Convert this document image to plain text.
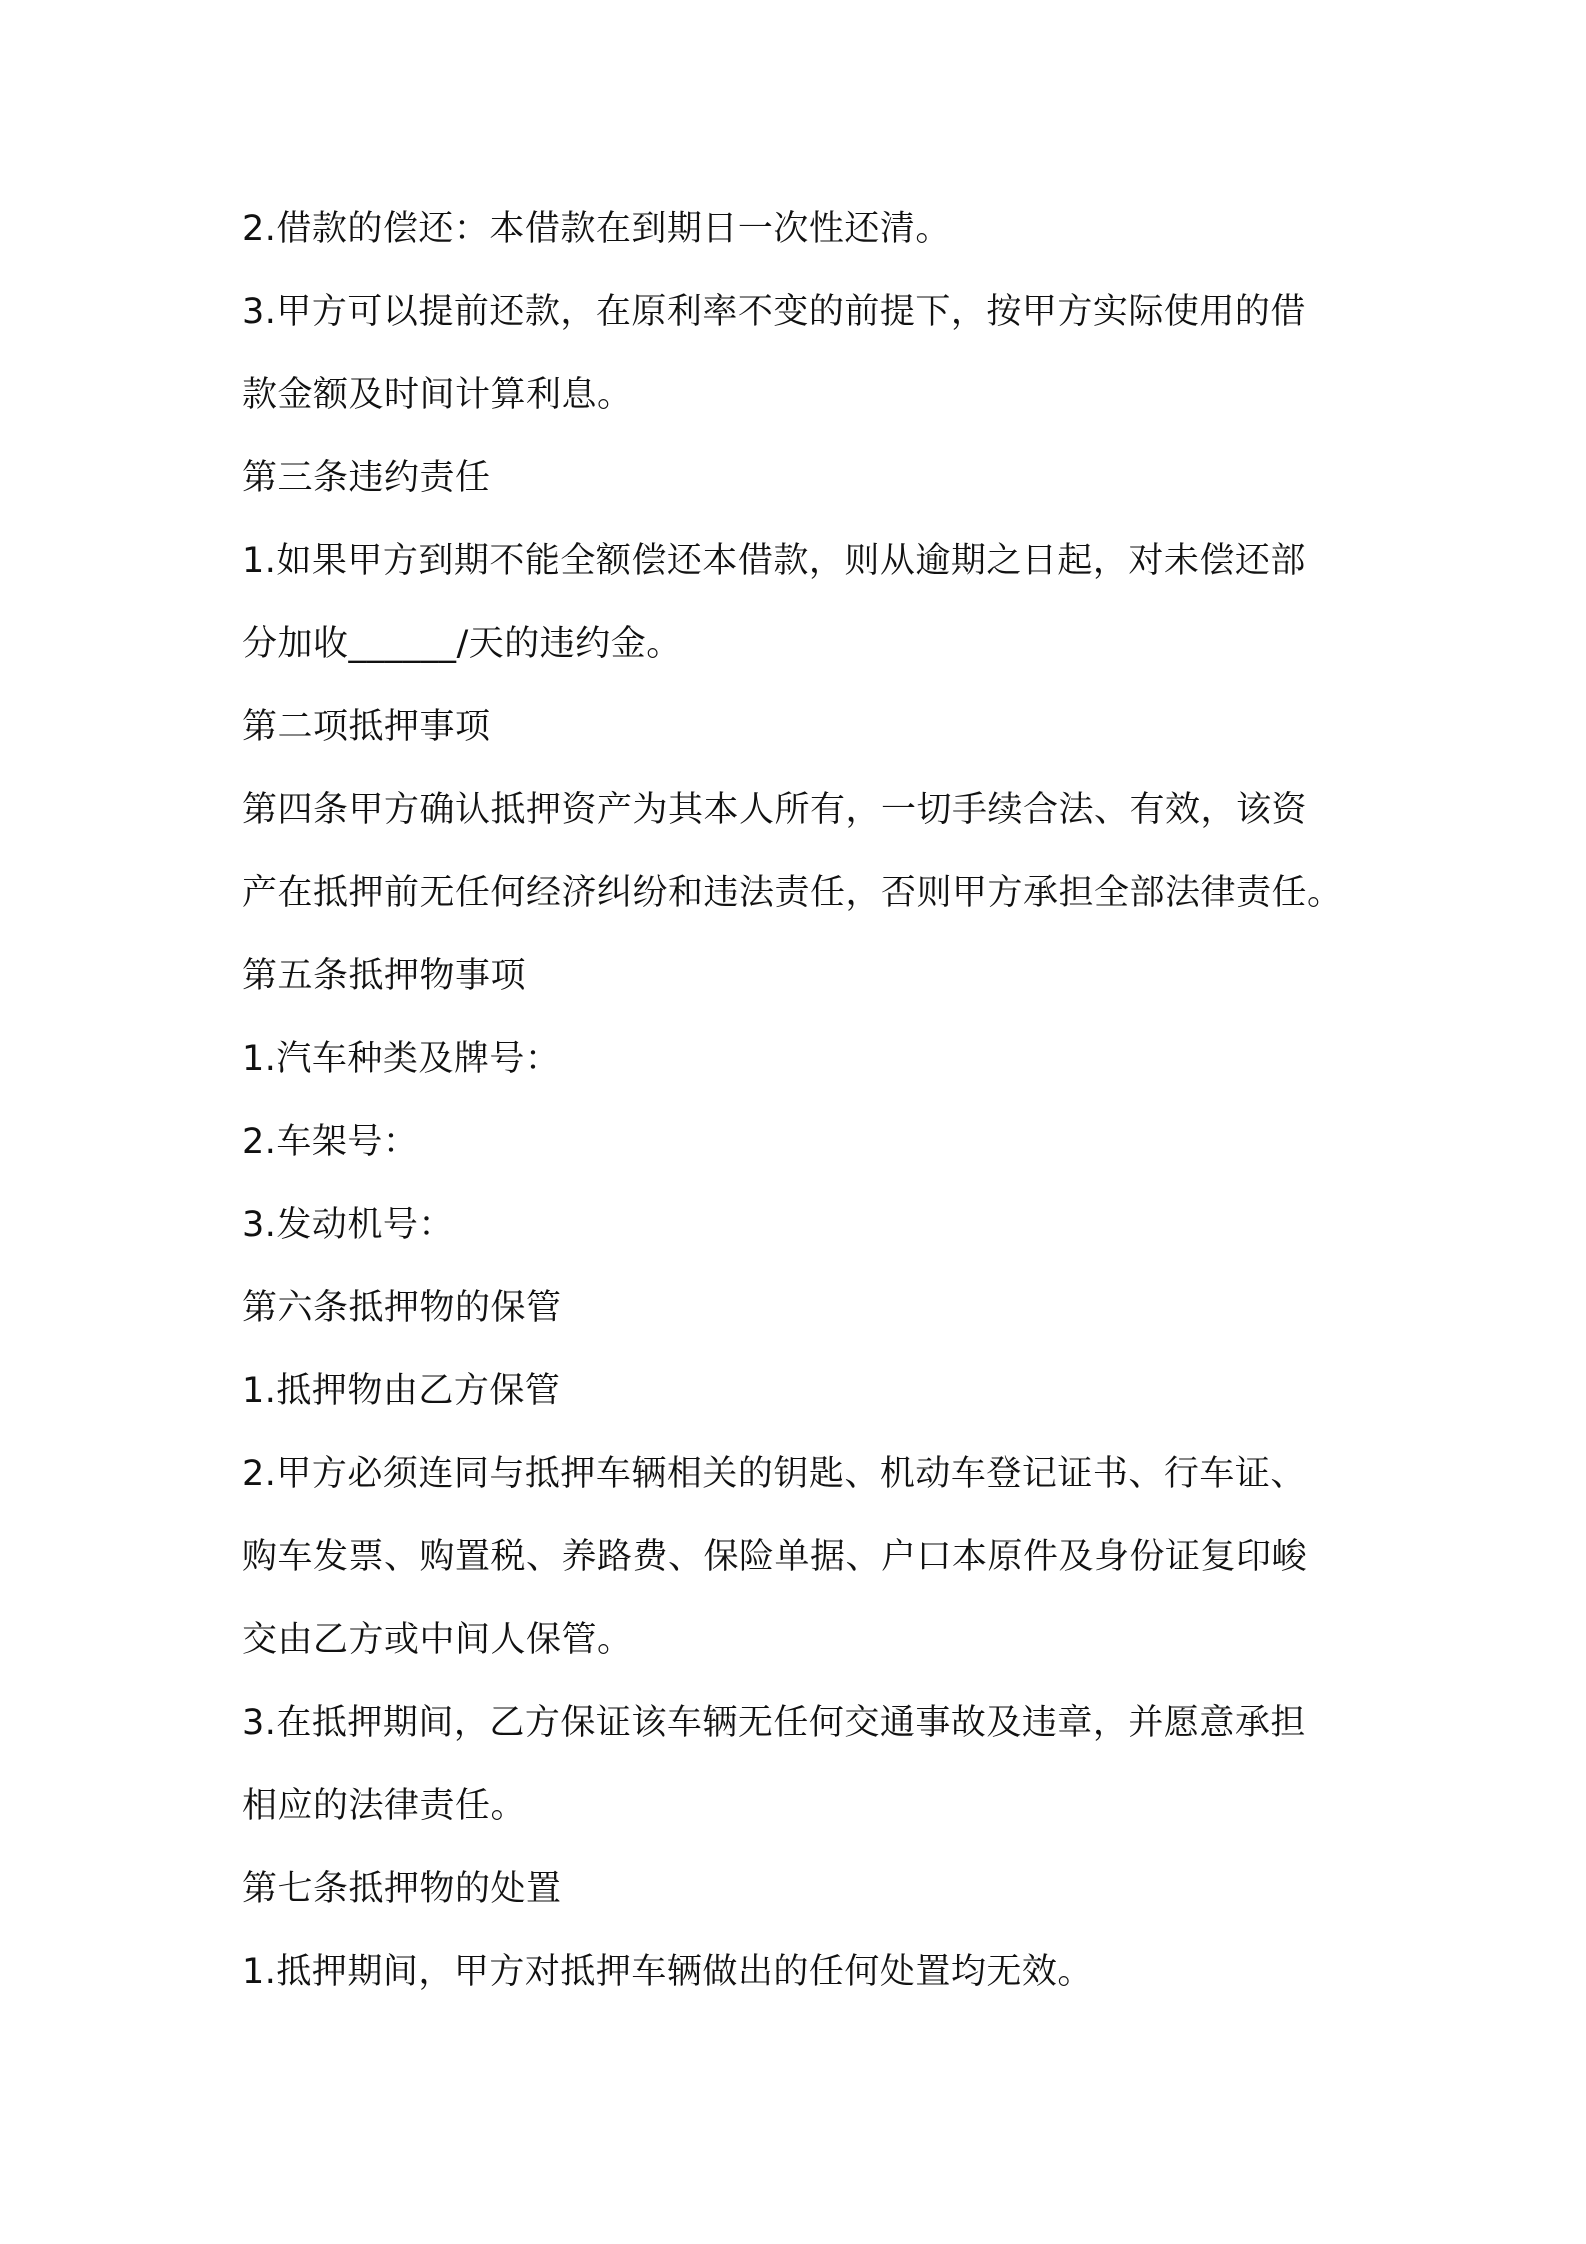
2.借款的偿还：本借款在到期日一次性还清。
3.甲方可以提前还款，在原利率不变的前提下，按甲方实际使用的借
款金额及时间计算利息。
第三条违约责任
1.如果甲方到期不能全额偿还本借款，则从逾期之日起，对未偿还部
分加收______/天的违约金。
第二项抵押事项
第四条甲方确认抵押资产为其本人所有，一切手续合法、有效，该资
产在抵押前无任何经济纠纷和违法责任，否则甲方承担全部法律责任。
第五条抵押物事项
1.汽车种类及牌号：
2.车架号：
3.发动机号：
第六条抵押物的保管
1.抵押物由乙方保管
2.甲方必须连同与抵押车辆相关的钥匙、机动车登记证书、行车证、
购车发票、购置税、养路费、保险单据、户口本原件及身份证复印峻
交由乙方或中间人保管。
3.在抵押期间，乙方保证该车辆无任何交通事故及违章，并愿意承担
相应的法律责任。
第七条抵押物的处置
1.抵押期间，甲方对抵押车辆做出的任何处置均无效。
